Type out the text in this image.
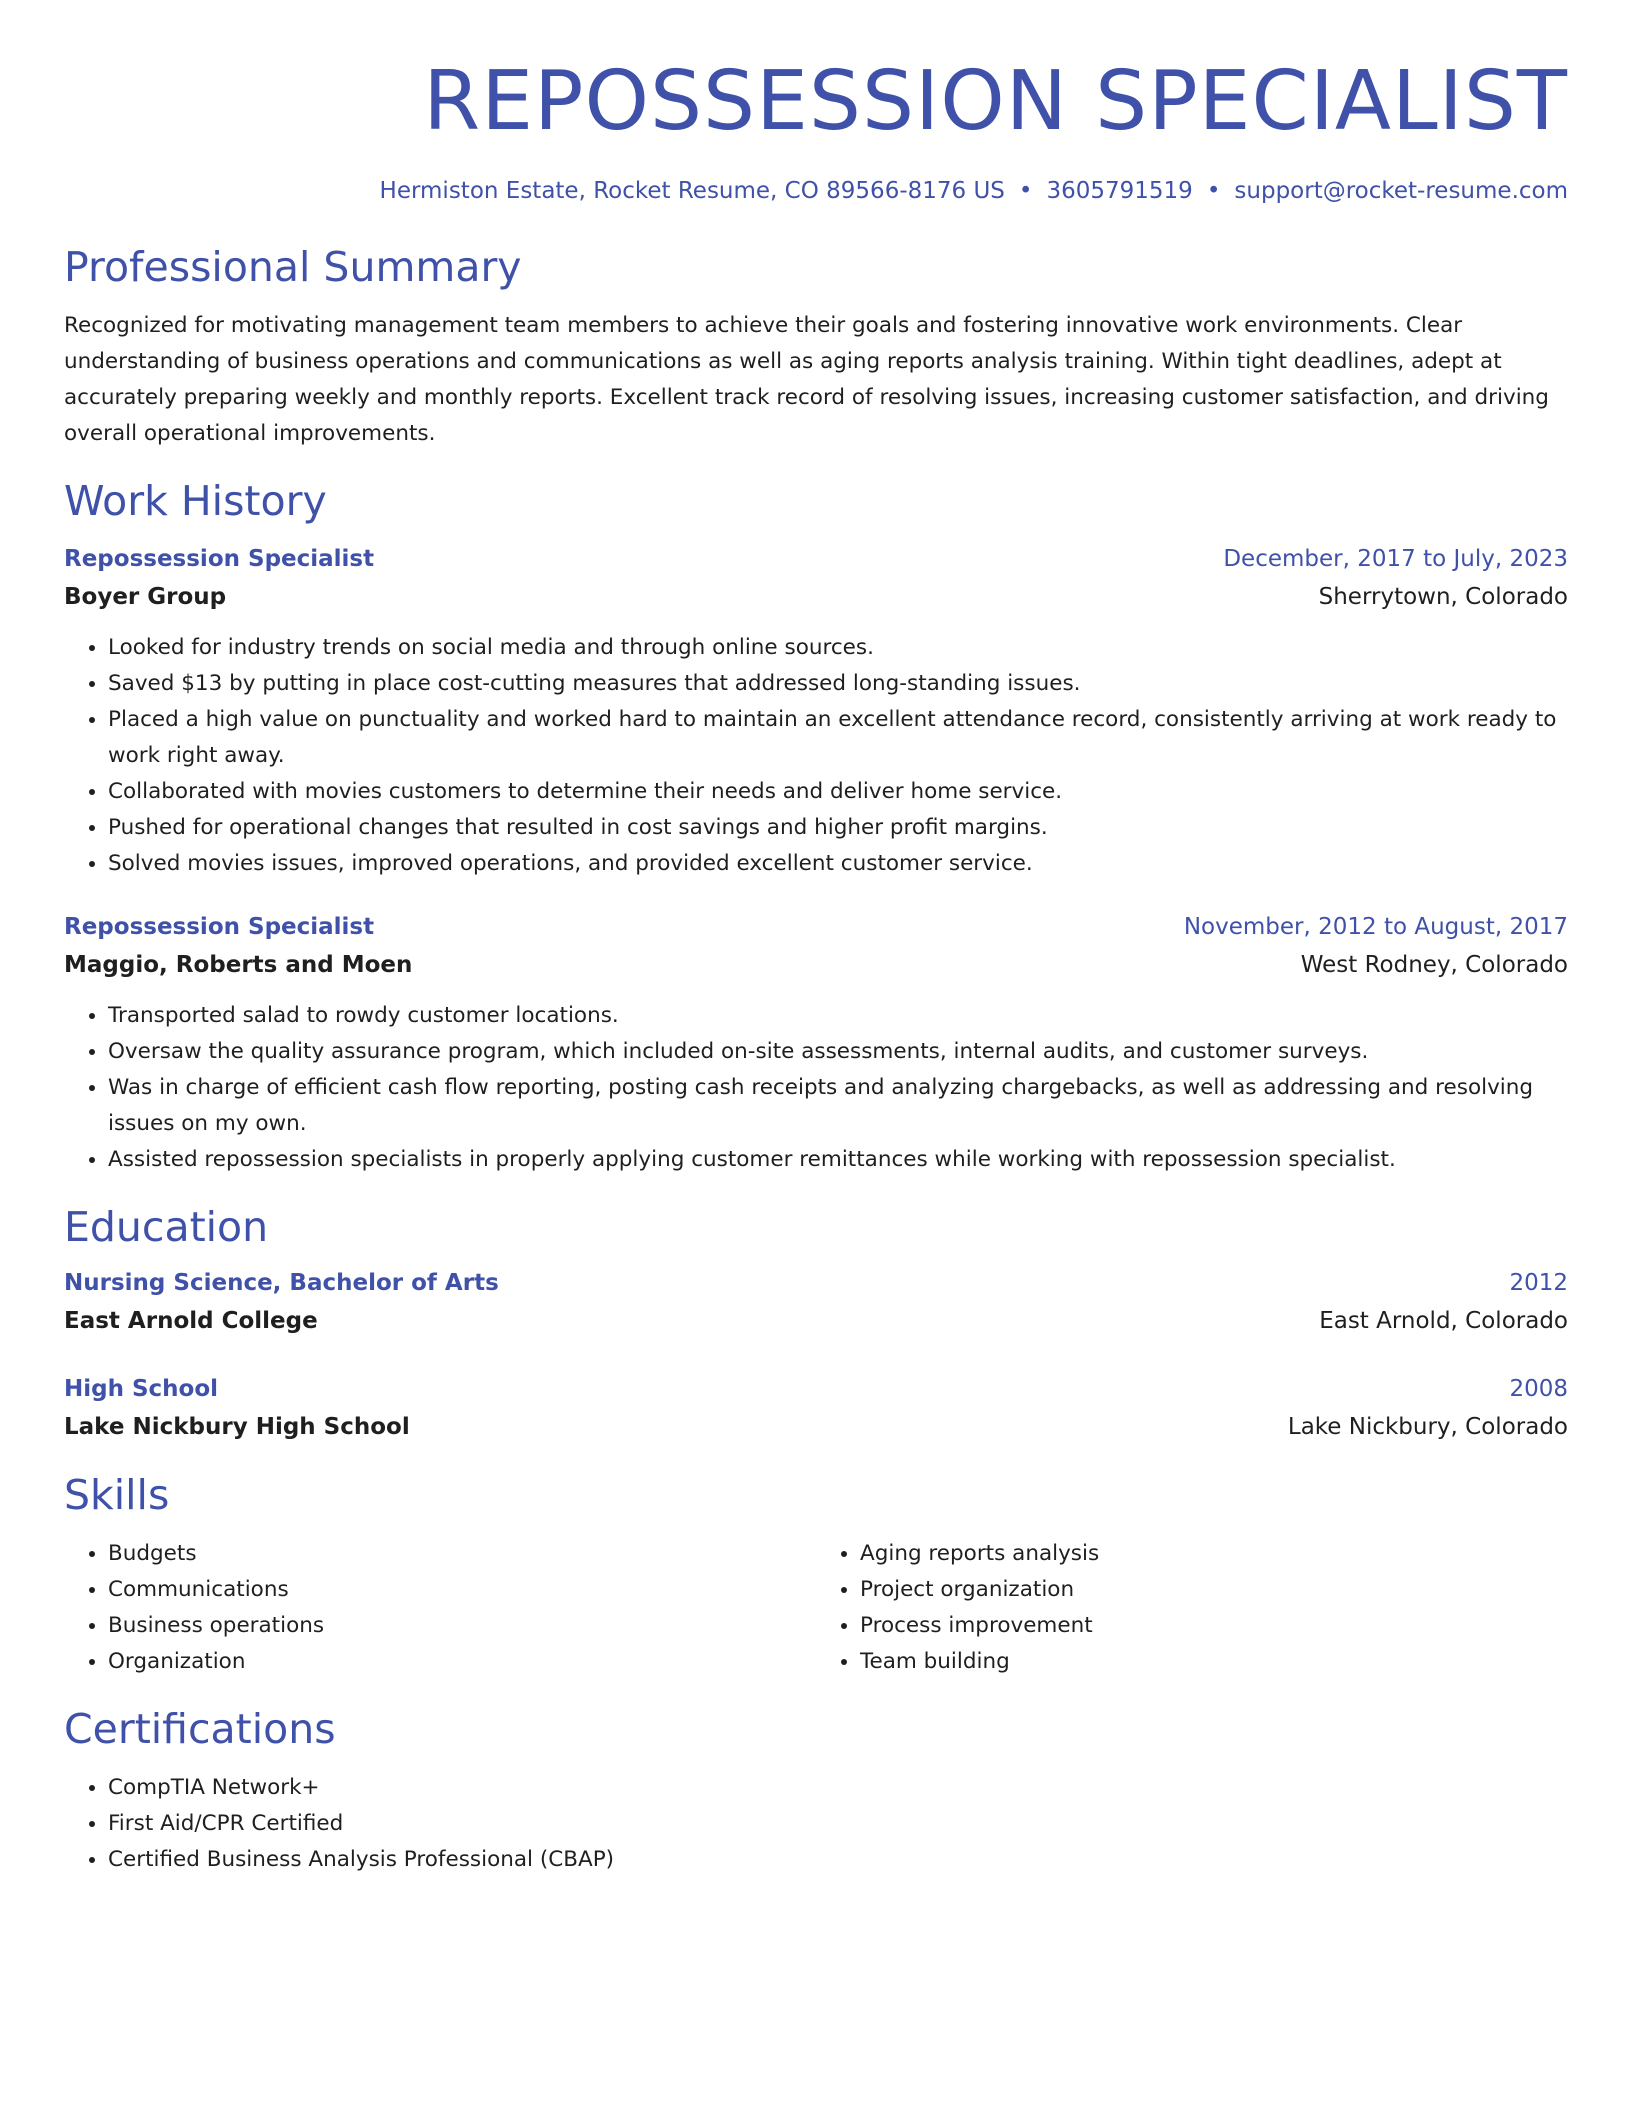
REPOSSESSION SPECIALIST
Hermiston Estate, Rocket Resume, CO 89566-8176 US • 3605791519 • support@rocket-resume.com
Professional Summary

Recognized for motivating management team members to achieve their goals and fostering innovative work environments. Clear understanding of business operations and communications as well as aging reports analysis training. Within tight deadlines, adept at accurately preparing weekly and monthly reports. Excellent track record of resolving issues, increasing customer satisfaction, and driving overall operational improvements.

Work History
Repossession Specialist	December, 2017 to July, 2023
Boyer Group	Sherrytown, Colorado
• Looked for industry trends on social media and through online sources.
• Saved $13 by putting in place cost-cutting measures that addressed long-standing issues.
• Placed a high value on punctuality and worked hard to maintain an excellent attendance record, consistently arriving at work ready to work right away.
• Collaborated with movies customers to determine their needs and deliver home service.
• Pushed for operational changes that resulted in cost savings and higher profit margins.
• Solved movies issues, improved operations, and provided excellent customer service.
Repossession Specialist	November, 2012 to August, 2017
Maggio, Roberts and Moen	West Rodney, Colorado
• Transported salad to rowdy customer locations.
• Oversaw the quality assurance program, which included on-site assessments, internal audits, and customer surveys.
• Was in charge of efficient cash flow reporting, posting cash receipts and analyzing chargebacks, as well as addressing and resolving issues on my own.
• Assisted repossession specialists in properly applying customer remittances while working with repossession specialist.
Education
Nursing Science, Bachelor of Arts	2012
East Arnold College	East Arnold, Colorado
High School	2008
Lake Nickbury High School	Lake Nickbury, Colorado
Skills
• Budgets
• Communications
• Business operations
• Organization
• Aging reports analysis
• Project organization
• Process improvement
• Team building
Certifications
• CompTIA Network+
• First Aid/CPR Certified
• Certified Business Analysis Professional (CBAP)
